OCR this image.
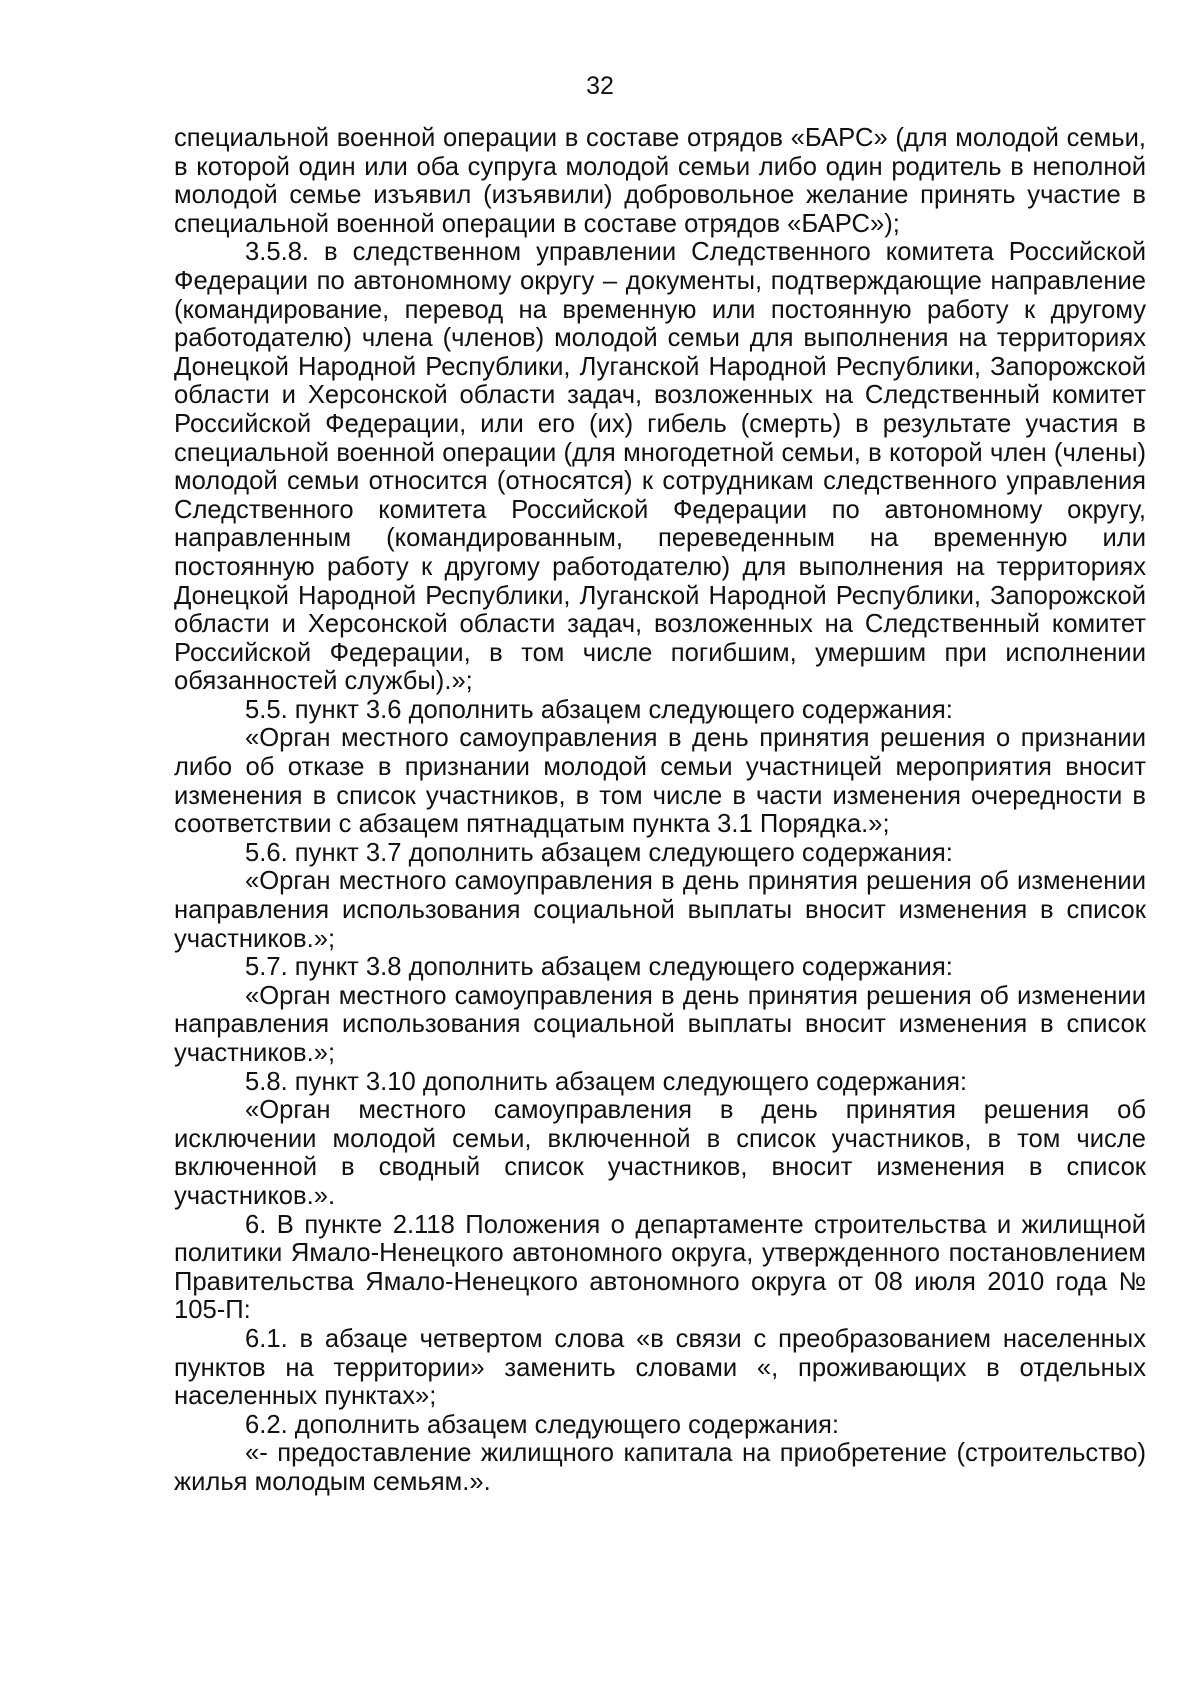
32

специальной военной операции в составе отрядов «БАРС» (для молодой семьи, в которой один или оба супруга молодой семьи либо один родитель в неполной молодой семье изъявил (изъявили) добровольное желание принять участие в специальной военной операции в составе отрядов «БАРС»);

3.5.8. в следственном управлении Следственного комитета Российской Федерации по автономному округу – документы, подтверждающие направление (командирование, перевод на временную или постоянную работу к другому работодателю) члена (членов) молодой семьи для выполнения на территориях Донецкой Народной Республики, Луганской Народной Республики, Запорожской области и Херсонской области задач, возложенных на Следственный комитет Российской Федерации, или его (их) гибель (смерть) в результате участия в специальной военной операции (для многодетной семьи, в которой член (члены) молодой семьи относится (относятся) к сотрудникам следственного управления Следственного комитета Российской Федерации по автономному округу, направленным (командированным, переведенным на временную или постоянную работу к другому работодателю) для выполнения на территориях Донецкой Народной Республики, Луганской Народной Республики, Запорожской области и Херсонской области задач, возложенных на Следственный комитет Российской Федерации, в том числе погибшим, умершим при исполнении обязанностей службы).»;

5.5. пункт 3.6 дополнить абзацем следующего содержания:

«Орган местного самоуправления в день принятия решения о признании либо об отказе в признании молодой семьи участницей мероприятия вносит изменения в список участников, в том числе в части изменения очередности в соответствии с абзацем пятнадцатым пункта 3.1 Порядка.»;

5.6. пункт 3.7 дополнить абзацем следующего содержания:

«Орган местного самоуправления в день принятия решения об изменении направления использования социальной выплаты вносит изменения в список участников.»;

5.7. пункт 3.8 дополнить абзацем следующего содержания:

«Орган местного самоуправления в день принятия решения об изменении направления использования социальной выплаты вносит изменения в список участников.»;

5.8. пункт 3.10 дополнить абзацем следующего содержания:

«Орган местного самоуправления в день принятия решения об исключении молодой семьи, включенной в список участников, в том числе включенной в сводный список участников, вносит изменения в список участников.».

6. В пункте 2.118 Положения о департаменте строительства и жилищной политики Ямало-Ненецкого автономного округа, утвержденного постановлением Правительства Ямало-Ненецкого автономного округа от 08 июля 2010 года № 105-П:

6.1. в абзаце четвертом слова «в связи с преобразованием населенных пунктов на территории» заменить словами «, проживающих в отдельных населенных пунктах»;

6.2. дополнить абзацем следующего содержания:

«- предоставление жилищного капитала на приобретение (строительство) жилья молодым семьям.».
